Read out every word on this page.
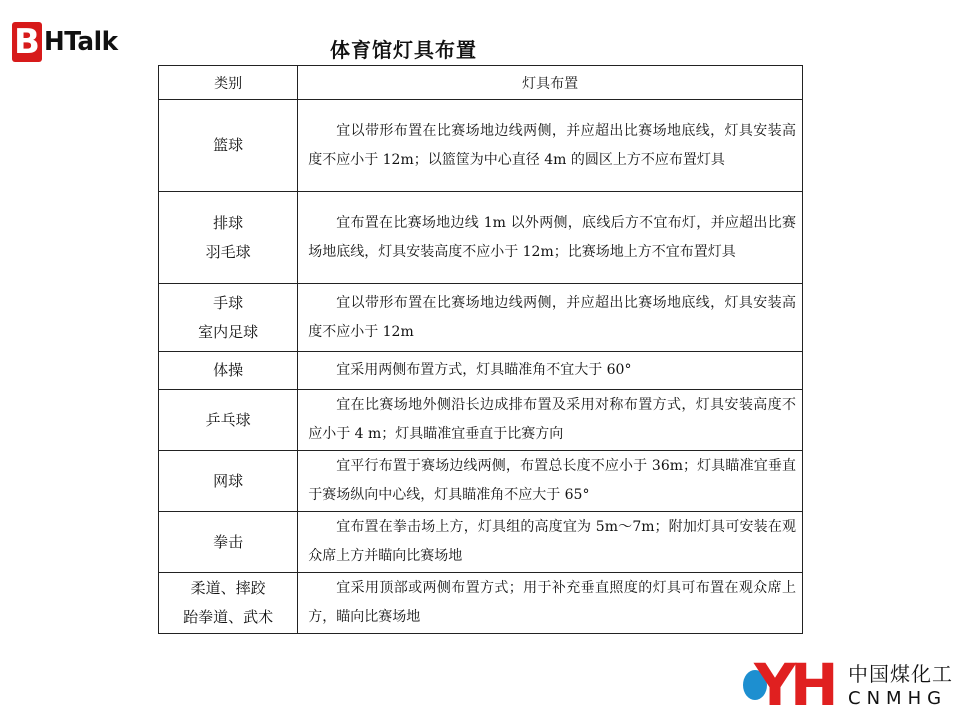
B HTalk	体育馆灯具布置
类别	灯具布置

篮球	宜以带形布置在比赛场地边线两侧，并应超出比赛场地底线，灯具安装高度不应小于 12m；以篮筐为中心直径 4m 的圆区上方不应布置灯具

排球
羽毛球	宜布置在比赛场地边线 1m 以外两侧，底线后方不宜布灯，并应超出比赛场地底线，灯具安装高度不应小于 12m；比赛场地上方不宜布置灯具

手球
室内足球	宜以带形布置在比赛场地边线两侧，并应超出比赛场地底线，灯具安装高度不应小于 12m

体操	宜采用两侧布置方式，灯具瞄准角不宜大于 60°

乒乓球	宜在比赛场地外侧沿长边成排布置及采用对称布置方式，灯具安装高度不应小于 4 m；灯具瞄准宜垂直于比赛方向

网球	宜平行布置于赛场边线两侧，布置总长度不应小于 36m；灯具瞄准宜垂直于赛场纵向中心线，灯具瞄准角不应大于 65°

拳击	宜布置在拳击场上方，灯具组的高度宜为 5m～7m；附加灯具可安装在观众席上方并瞄向比赛场地

柔道、摔跤
跆拳道、武术	宜采用顶部或两侧布置方式；用于补充垂直照度的灯具可布置在观众席上方，瞄向比赛场地
YH 中国煤化工
CNMHG
